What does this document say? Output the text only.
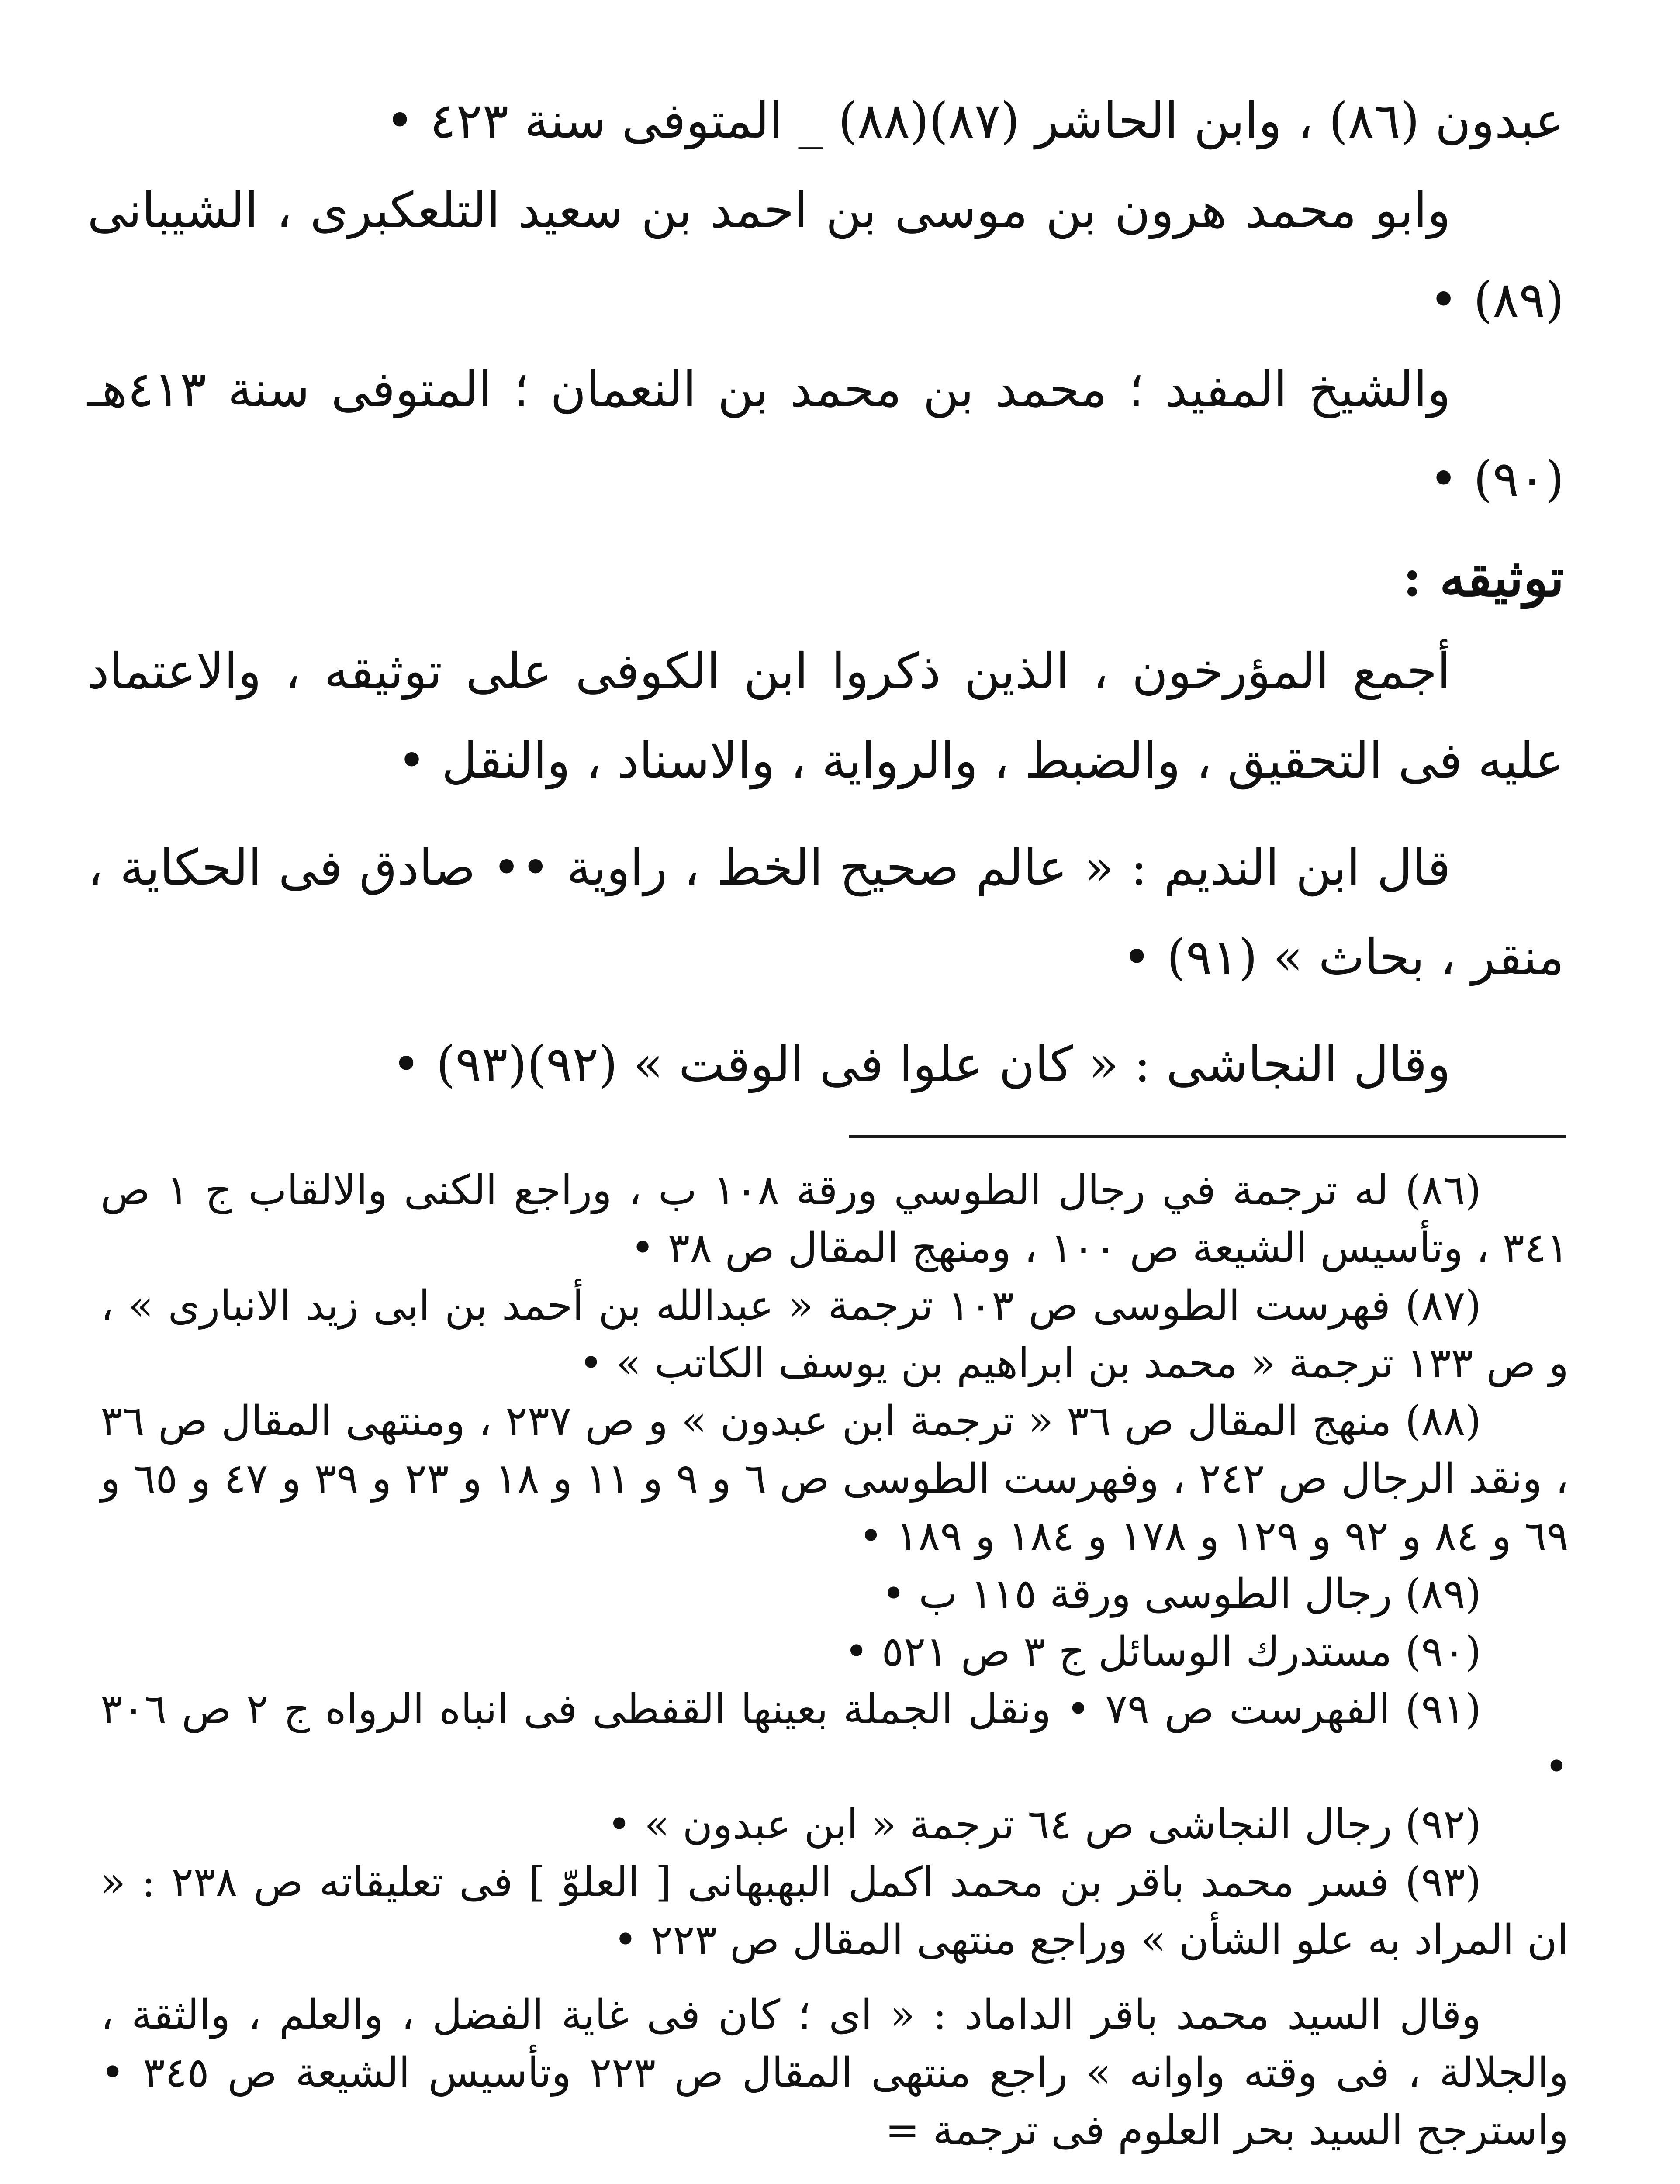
عبدون (٨٦) ، وابن الحاشر (٨٧)(٨٨) _ المتوفى سنة ٤٢٣ •

وابو محمد هرون بن موسى بن احمد بن سعيد التلعكبرى ، الشيبانى (٨٩) •

والشيخ المفيد ؛ محمد بن محمد بن النعمان ؛ المتوفى سنة ٤١٣هـ (٩٠) •

توثيقه :

أجمع المؤرخون ، الذين ذكروا ابن الكوفى على توثيقه ، والاعتماد عليه فى التحقيق ، والضبط ، والرواية ، والاسناد ، والنقل •

قال ابن النديم : « عالم صحيح الخط ، راوية •• صادق فى الحكاية ، منقر ، بحاث » (٩١) •

وقال النجاشى : « كان علوا فى الوقت » (٩٢)(٩٣) •

(٨٦) له ترجمة في رجال الطوسي ورقة ١٠٨ ب ، وراجع الكنى والالقاب ج ١ ص ٣٤١ ، وتأسيس الشيعة ص ١٠٠ ، ومنهج المقال ص ٣٨ •

(٨٧) فهرست الطوسى ص ١٠٣ ترجمة « عبدالله بن أحمد بن ابى زيد الانبارى » ، و ص ١٣٣ ترجمة « محمد بن ابراهيم بن يوسف الكاتب » •

(٨٨) منهج المقال ص ٣٦ « ترجمة ابن عبدون » و ص ٢٣٧ ، ومنتهى المقال ص ٣٦ ، ونقد الرجال ص ٢٤٢ ، وفهرست الطوسى ص ٦ و ٩ و ١١ و ١٨ و ٢٣ و ٣٩ و ٤٧ و ٦٥ و ٦٩ و ٨٤ و ٩٢ و ١٢٩ و ١٧٨ و ١٨٤ و ١٨٩ •

(٨٩) رجال الطوسى ورقة ١١٥ ب •

(٩٠) مستدرك الوسائل ج ٣ ص ٥٢١ •

(٩١) الفهرست ص ٧٩ • ونقل الجملة بعينها القفطى فى انباه الرواه ج ٢ ص ٣٠٦ •

(٩٢) رجال النجاشى ص ٦٤ ترجمة « ابن عبدون » •

(٩٣) فسر محمد باقر بن محمد اكمل البهبهانى [ العلوّ ] فى تعليقاته ص ٢٣٨ : « ان المراد به علو الشأن » وراجع منتهى المقال ص ٢٢٣ •

وقال السيد محمد باقر الداماد : « اى ؛ كان فى غاية الفضل ، والعلم ، والثقة ، والجلالة ، فى وقته واوانه » راجع منتهى المقال ص ٢٢٣ وتأسيس الشيعة ص ٣٤٥ • واسترجح السيد بحر العلوم فى ترجمة =
